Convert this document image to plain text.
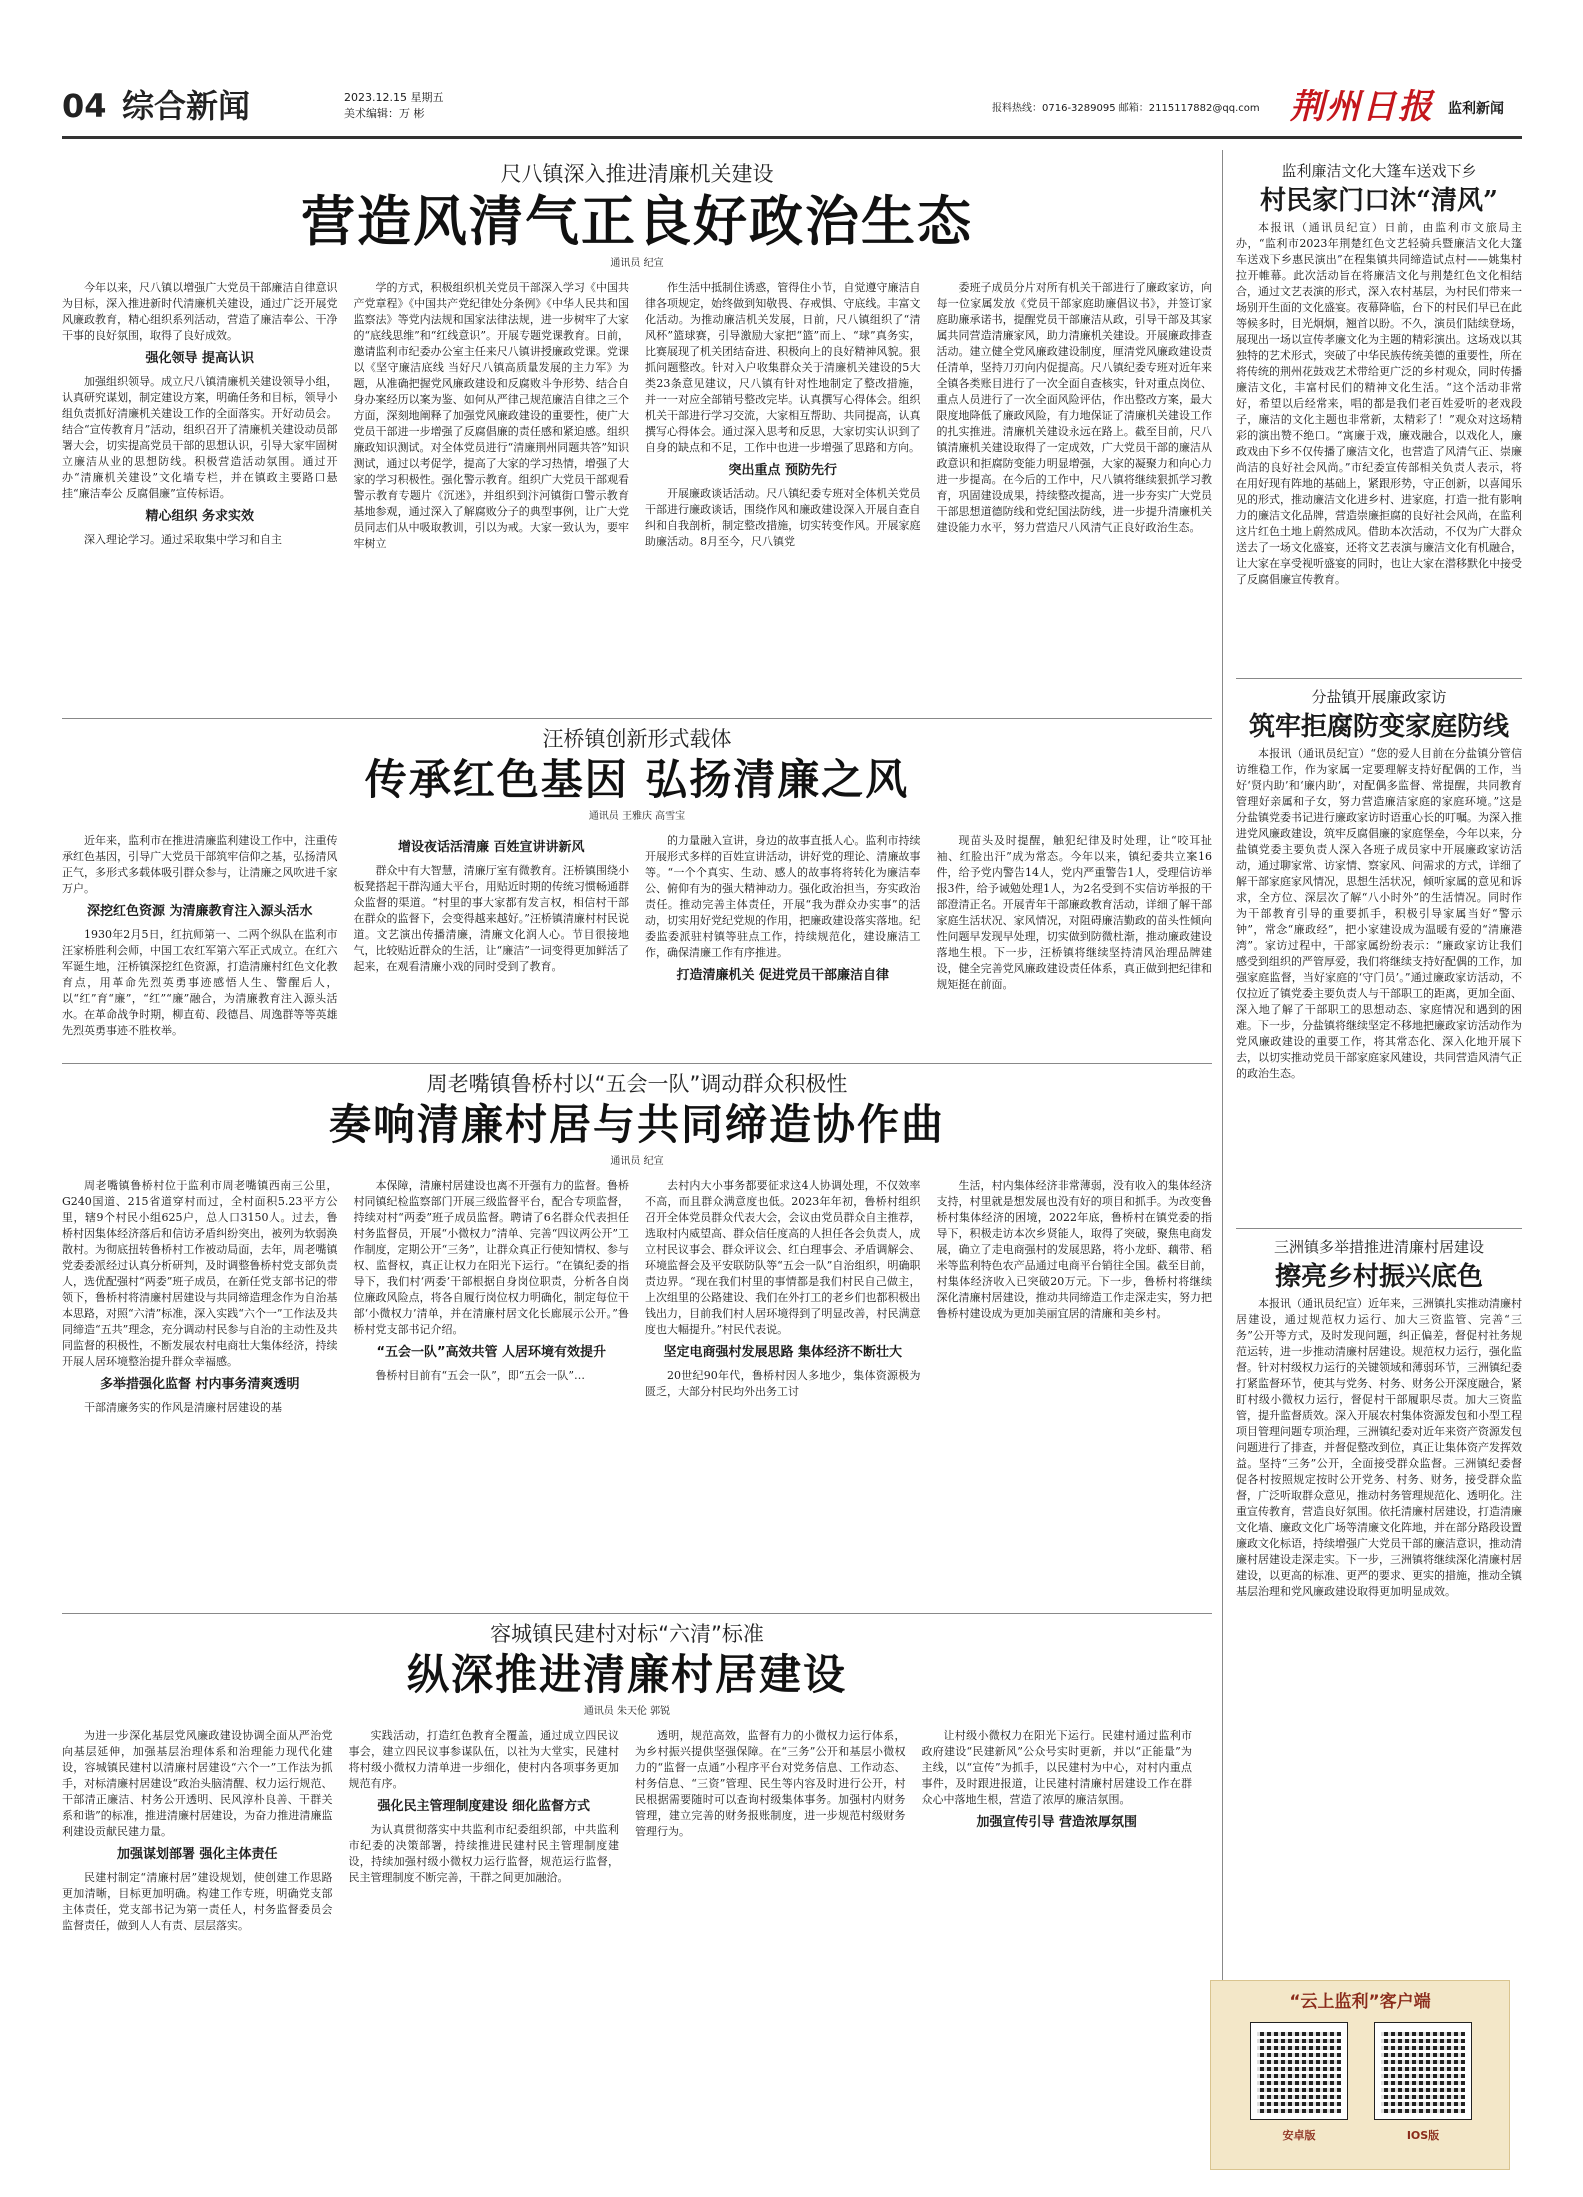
04 综合新闻	2023.12.15 星期五
美术编辑：万 彬	报料热线：0716-3289095 邮箱：2115117882@qq.com 荆州日报 监利新闻
尺八镇深入推进清廉机关建设
营造风清气正良好政治生态
通讯员 纪宣

今年以来，尺八镇以增强广大党员干部廉洁自律意识为目标，深入推进新时代清廉机关建设，通过广泛开展党风廉政教育，精心组织系列活动，营造了廉洁奉公、干净干事的良好氛围，取得了良好成效。

强化领导 提高认识

加强组织领导。成立尺八镇清廉机关建设领导小组，认真研究谋划，制定建设方案，明确任务和目标，领导小组负责抓好清廉机关建设工作的全面落实。开好动员会。结合“宣传教育月”活动，组织召开了清廉机关建设动员部署大会，切实提高党员干部的思想认识，引导大家牢固树立廉洁从业的思想防线。积极营造活动氛围。通过开办“清廉机关建设”文化墙专栏，并在镇政主要路口悬挂“廉洁奉公 反腐倡廉”宣传标语。

精心组织 务求实效

深入理论学习。通过采取集中学习和自主

学的方式，积极组织机关党员干部深入学习《中国共产党章程》《中国共产党纪律处分条例》《中华人民共和国监察法》等党内法规和国家法律法规，进一步树牢了大家的“底线思维”和“红线意识”。开展专题党课教育。日前，邀请监利市纪委办公室主任来尺八镇讲授廉政党课。党课以《坚守廉洁底线 当好尺八镇高质量发展的主力军》为题，从准确把握党风廉政建设和反腐败斗争形势、结合自身办案经历以案为鉴、如何从严律己规范廉洁自律之三个方面，深刻地阐释了加强党风廉政建设的重要性，使广大党员干部进一步增强了反腐倡廉的责任感和紧迫感。组织廉政知识测试。对全体党员进行“清廉荆州同题共答”知识测试，通过以考促学，提高了大家的学习热情，增强了大家的学习积极性。强化警示教育。组织广大党员干部观看警示教育专题片《沉迷》，并组织到汴河镇街口警示教育基地参观，通过深入了解腐败分子的典型事例，让广大党员同志们从中吸取教训，引以为戒。大家一致认为，要牢牢树立

作生活中抵制住诱惑，管得住小节，自觉遵守廉洁自律各项规定，始终做到知敬畏、存戒惧、守底线。丰富文化活动。为推动廉洁机关发展，日前，尺八镇组织了“清风杯”篮球赛，引导激励大家把“篮”而上、“球”真务实，比赛展现了机关团结奋进、积极向上的良好精神风貌。狠抓问题整改。针对入户收集群众关于清廉机关建设的5大类23条意见建议，尺八镇有针对性地制定了整改措施，并一一对应全部销号整改完毕。认真撰写心得体会。组织机关干部进行学习交流，大家相互帮助、共同提高，认真撰写心得体会。通过深入思考和反思，大家切实认识到了自身的缺点和不足，工作中也进一步增强了思路和方向。

突出重点 预防先行

开展廉政谈话活动。尺八镇纪委专班对全体机关党员干部进行廉政谈话，围绕作风和廉政建设深入开展自查自纠和自我剖析，制定整改措施，切实转变作风。开展家庭助廉活动。8月至今，尺八镇党

委班子成员分片对所有机关干部进行了廉政家访，向每一位家属发放《党员干部家庭助廉倡议书》，并签订家庭助廉承诺书，提醒党员干部廉洁从政，引导干部及其家属共同营造清廉家风，助力清廉机关建设。开展廉政排查活动。建立健全党风廉政建设制度，厘清党风廉政建设责任清单，坚持刀刃向内促提高。尺八镇纪委专班对近年来全镇各类账目进行了一次全面自查核实，针对重点岗位、重点人员进行了一次全面风险评估，作出整改方案，最大限度地降低了廉政风险，有力地保证了清廉机关建设工作的扎实推进。清廉机关建设永远在路上。截至目前，尺八镇清廉机关建设取得了一定成效，广大党员干部的廉洁从政意识和拒腐防变能力明显增强，大家的凝聚力和向心力进一步提高。在今后的工作中，尺八镇将继续狠抓学习教育，巩固建设成果，持续整改提高，进一步夯实广大党员干部思想道德防线和党纪国法防线，进一步提升清廉机关建设能力水平，努力营造尺八风清气正良好政治生态。

汪桥镇创新形式载体
传承红色基因 弘扬清廉之风
通讯员 王雅庆 高雪宝

近年来，监利市在推进清廉监利建设工作中，注重传承红色基因，引导广大党员干部筑牢信仰之基，弘扬清风正气，多形式多载体吸引群众参与，让清廉之风吹进千家万户。

深挖红色资源 为清廉教育注入源头活水

1930年2月5日，红抗师第一、二两个纵队在监利市汪家桥胜利会师，中国工农红军第六军正式成立。在红六军诞生地，汪桥镇深挖红色资源，打造清廉村红色文化教育点，用革命先烈英勇事迹感悟人生、警醒后人，以“红”育“廉”，“红”“廉”融合，为清廉教育注入源头活水。在革命战争时期，柳直荀、段德昌、周逸群等等英雄先烈英勇事迹不胜枚举。

增设夜话活清廉 百姓宣讲讲新风

群众中有大智慧，清廉厅室有微教育。汪桥镇围绕小板凳搭起干群沟通大平台，用贴近时期的传统习惯畅通群众监督的渠道。“村里的事大家都有发言权，相信村干部在群众的监督下，会变得越来越好。”汪桥镇清廉村村民说道。文艺演出传播清廉，清廉文化润人心。节目很接地气，比较贴近群众的生活，让“廉洁”一词变得更加鲜活了起来，在观看清廉小戏的同时受到了教育。

的力量融入宣讲，身边的故事直抵人心。监利市持续开展形式多样的百姓宣讲活动，讲好党的理论、清廉故事等。“一个个真实、生动、感人的故事将将转化为廉洁奉公、俯仰有为的强大精神动力。强化政治担当，夯实政治责任。推动完善主体责任，开展“我为群众办实事”的活动，切实用好党纪党规的作用，把廉政建设落实落地。纪委监委派驻村镇等驻点工作，持续规范化，建设廉洁工作，确保清廉工作有序推进。

打造清廉机关 促进党员干部廉洁自律

现苗头及时提醒，触犯纪律及时处理，让“咬耳扯袖、红脸出汗”成为常态。今年以来，镇纪委共立案16件，给予党内警告14人，党内严重警告1人，受理信访举报3件，给予诫勉处理1人，为2名受到不实信访举报的干部澄清正名。开展青年干部廉政教育活动，详细了解干部家庭生活状况、家风情况，对阻碍廉洁勤政的苗头性倾向性问题早发现早处理，切实做到防微杜渐，推动廉政建设落地生根。下一步，汪桥镇将继续坚持清风治理品牌建设，健全完善党风廉政建设责任体系，真正做到把纪律和规矩挺在前面。

周老嘴镇鲁桥村以“五会一队”调动群众积极性
奏响清廉村居与共同缔造协作曲
通讯员 纪宣

周老嘴镇鲁桥村位于监利市周老嘴镇西南三公里，G240国道、215省道穿村而过，全村面积5.23平方公里，辖9个村民小组625户，总人口3150人。过去，鲁桥村因集体经济落后和信访矛盾纠纷突出，被列为软弱涣散村。为彻底扭转鲁桥村工作被动局面，去年，周老嘴镇党委委派经过认真分析研判，及时调整鲁桥村党支部负责人，选优配强村“两委”班子成员，在新任党支部书记的带领下，鲁桥村将清廉村居建设与共同缔造理念作为自治基本思路，对照“六清”标准，深入实践“六个一”工作法及共同缔造“五共”理念，充分调动村民参与自治的主动性及共同监督的积极性，不断发展农村电商壮大集体经济，持续开展人居环境整治提升群众幸福感。

多举措强化监督 村内事务清爽透明

干部清廉务实的作风是清廉村居建设的基

本保障，清廉村居建设也离不开强有力的监督。鲁桥村同镇纪检监察部门开展三级监督平台，配合专项监督，持续对村“两委”班子成员监督。聘请了6名群众代表担任村务监督员，开展“小微权力”清单、完善“四议两公开”工作制度，定期公开“三务”，让群众真正行使知情权、参与权、监督权，真正让权力在阳光下运行。“在镇纪委的指导下，我们村‘两委’干部根据自身岗位职责，分析各自岗位廉政风险点，将各自履行岗位权力明确化，制定每位干部‘小微权力’清单，并在清廉村居文化长廊展示公开。”鲁桥村党支部书记介绍。

“五会一队”高效共管 人居环境有效提升

鲁桥村目前有“五会一队”，即“五会一队”…

去村内大小事务都要征求这4人协调处理，不仅效率不高，而且群众满意度也低。2023年年初，鲁桥村组织召开全体党员群众代表大会，会议由党员群众自主推荐，选取村内威望高、群众信任度高的人担任各会负责人，成立村民议事会、群众评议会、红白理事会、矛盾调解会、环境监督会及平安联防队等“五会一队”自治组织，明确职责边界。“现在我们村里的事情都是我们村民自己做主，上次组里的公路建设、我们在外打工的老乡们也都积极出钱出力，目前我们村人居环境得到了明显改善，村民满意度也大幅提升。”村民代表说。

坚定电商强村发展思路 集体经济不断壮大

20世纪90年代，鲁桥村因人多地少，集体资源极为匮乏，大部分村民均外出务工讨

生活，村内集体经济非常薄弱，没有收入的集体经济支持，村里就是想发展也没有好的项目和抓手。为改变鲁桥村集体经济的困境，2022年底，鲁桥村在镇党委的指导下，积极走访本次乡贤能人，取得了突破，聚焦电商发展，确立了走电商强村的发展思路，将小龙虾、藕带、稻米等监利特色农产品通过电商平台销往全国。截至目前，村集体经济收入已突破20万元。下一步，鲁桥村将继续深化清廉村居建设，推动共同缔造工作走深走实，努力把鲁桥村建设成为更加美丽宜居的清廉和美乡村。

容城镇民建村对标“六清”标准
纵深推进清廉村居建设
通讯员 朱天伦 郭锐

为进一步深化基层党风廉政建设协调全面从严治党向基层延伸，加强基层治理体系和治理能力现代化建设，容城镇民建村以清廉村居建设“六个一”工作法为抓手，对标清廉村居建设“政治头脑清醒、权力运行规范、干部清正廉洁、村务公开透明、民风淳朴良善、干群关系和谐”的标准，推进清廉村居建设，为奋力推进清廉监利建设贡献民建力量。

加强谋划部署 强化主体责任

民建村制定“清廉村居”建设规划，使创建工作思路更加清晰，目标更加明确。构建工作专班，明确党支部主体责任，党支部书记为第一责任人，村务监督委员会监督责任，做到人人有责、层层落实。

实践活动，打造红色教育全覆盖，通过成立四民议事会，建立四民议事参谋队伍，以社为大堂实，民建村将村级小微权力清单进一步细化，使村内各项事务更加规范有序。

强化民主管理制度建设 细化监督方式

为认真贯彻落实中共监利市纪委组织部，中共监利市纪委的决策部署，持续推进民建村民主管理制度建设，持续加强村级小微权力运行监督，规范运行监督，民主管理制度不断完善，干群之间更加融洽。

透明，规范高效，监督有力的小微权力运行体系，为乡村振兴提供坚强保障。在“三务”公开和基层小微权力的“监督一点通”小程序平台对党务信息、工作动态、村务信息、“三资”管理、民生等内容及时进行公开，村民根据需要随时可以查询村级集体事务。加强村内财务管理，建立完善的财务报账制度，进一步规范村级财务管理行为。

让村级小微权力在阳光下运行。民建村通过监利市政府建设“民建新风”公众号实时更新，并以“正能量”为主线，以“宣传”为抓手，以民建村为中心，对村内重点事件，及时跟进报道，让民建村清廉村居建设工作在群众心中落地生根，营造了浓厚的廉洁氛围。

加强宣传引导 营造浓厚氛围
监利廉洁文化大篷车送戏下乡
村民家门口沐“清风”

本报讯（通讯员纪宣）日前，由监利市文旅局主办，“监利市2023年荆楚红色文艺轻骑兵暨廉洁文化大篷车送戏下乡惠民演出”在程集镇共同缔造试点村——姚集村拉开帷幕。此次活动旨在将廉洁文化与荆楚红色文化相结合，通过文艺表演的形式，深入农村基层，为村民们带来一场别开生面的文化盛宴。夜幕降临，台下的村民们早已在此等候多时，目光炯炯，翘首以盼。不久，演员们陆续登场，展现出一场以宣传孝廉文化为主题的精彩演出。这场戏以其独特的艺术形式，突破了中华民族传统美德的重要性，所在将传统的荆州花鼓戏艺术带给更广泛的乡村观众，同时传播廉洁文化，丰富村民们的精神文化生活。“这个活动非常好，希望以后经常来，唱的都是我们老百姓爱听的老戏段子，廉洁的文化主题也非常新，太精彩了！”观众对这场精彩的演出赞不绝口。“寓廉于戏，廉戏融合，以戏化人，廉政戏由下乡不仅传播了廉洁文化，也营造了风清气正、崇廉尚洁的良好社会风尚。”市纪委宣传部相关负责人表示，将在用好现有阵地的基础上，紧跟形势，守正创新，以喜闻乐见的形式，推动廉洁文化进乡村、进家庭，打造一批有影响力的廉洁文化品牌，营造崇廉拒腐的良好社会风尚，在监利这片红色土地上蔚然成风。借助本次活动，不仅为广大群众送去了一场文化盛宴，还将文艺表演与廉洁文化有机融合，让大家在享受视听盛宴的同时，也让大家在潜移默化中接受了反腐倡廉宣传教育。

分盐镇开展廉政家访
筑牢拒腐防变家庭防线

本报讯（通讯员纪宣）“您的爱人目前在分盐镇分管信访维稳工作，作为家属一定要理解支持好配偶的工作，当好‘贤内助’和‘廉内助’，对配偶多监督、常提醒，共同教育管理好亲属和子女，努力营造廉洁家庭的家庭环境。”这是分盐镇党委书记进行廉政家访时语重心长的叮嘱。为深入推进党风廉政建设，筑牢反腐倡廉的家庭堡垒，今年以来，分盐镇党委主要负责人深入各班子成员家中开展廉政家访活动，通过聊家常、访家情、察家风、问需求的方式，详细了解干部家庭家风情况，思想生活状况，倾听家属的意见和诉求，全方位、深层次了解“八小时外”的生活情况。同时作为干部教育引导的重要抓手，积极引导家属当好“警示钟”，常念“廉政经”，把小家建设成为温暖有爱的“清廉港湾”。家访过程中，干部家属纷纷表示：“廉政家访让我们感受到组织的严管厚爱，我们将继续支持好配偶的工作，加强家庭监督，当好家庭的‘守门员’。”通过廉政家访活动，不仅拉近了镇党委主要负责人与干部职工的距离，更加全面、深入地了解了干部职工的思想动态、家庭情况和遇到的困难。下一步，分盐镇将继续坚定不移地把廉政家访活动作为党风廉政建设的重要工作，将其常态化、深入化地开展下去，以切实推动党员干部家庭家风建设，共同营造风清气正的政治生态。

三洲镇多举措推进清廉村居建设
擦亮乡村振兴底色

本报讯（通讯员纪宣）近年来，三洲镇扎实推动清廉村居建设，通过规范权力运行、加大三资监管、完善“三务”公开等方式，及时发现问题，纠正偏差，督促村社务规范运转，进一步推动清廉村居建设。规范权力运行，强化监督。针对村级权力运行的关键领域和薄弱环节，三洲镇纪委打紧监督环节，使其与党务、村务、财务公开深度融合，紧盯村级小微权力运行，督促村干部履职尽责。加大三资监管，提升监督质效。深入开展农村集体资源发包和小型工程项目管理问题专项治理，三洲镇纪委对近年来资产资源发包问题进行了排查，并督促整改到位，真正让集体资产发挥效益。坚持“三务”公开，全面接受群众监督。三洲镇纪委督促各村按照规定按时公开党务、村务、财务，接受群众监督，广泛听取群众意见，推动村务管理规范化、透明化。注重宣传教育，营造良好氛围。依托清廉村居建设，打造清廉文化墙、廉政文化广场等清廉文化阵地，并在部分路段设置廉政文化标语，持续增强广大党员干部的廉洁意识，推动清廉村居建设走深走实。下一步，三洲镇将继续深化清廉村居建设，以更高的标准、更严的要求、更实的措施，推动全镇基层治理和党风廉政建设取得更加明显成效。

“云上监利”客户端
安卓版	IOS版
